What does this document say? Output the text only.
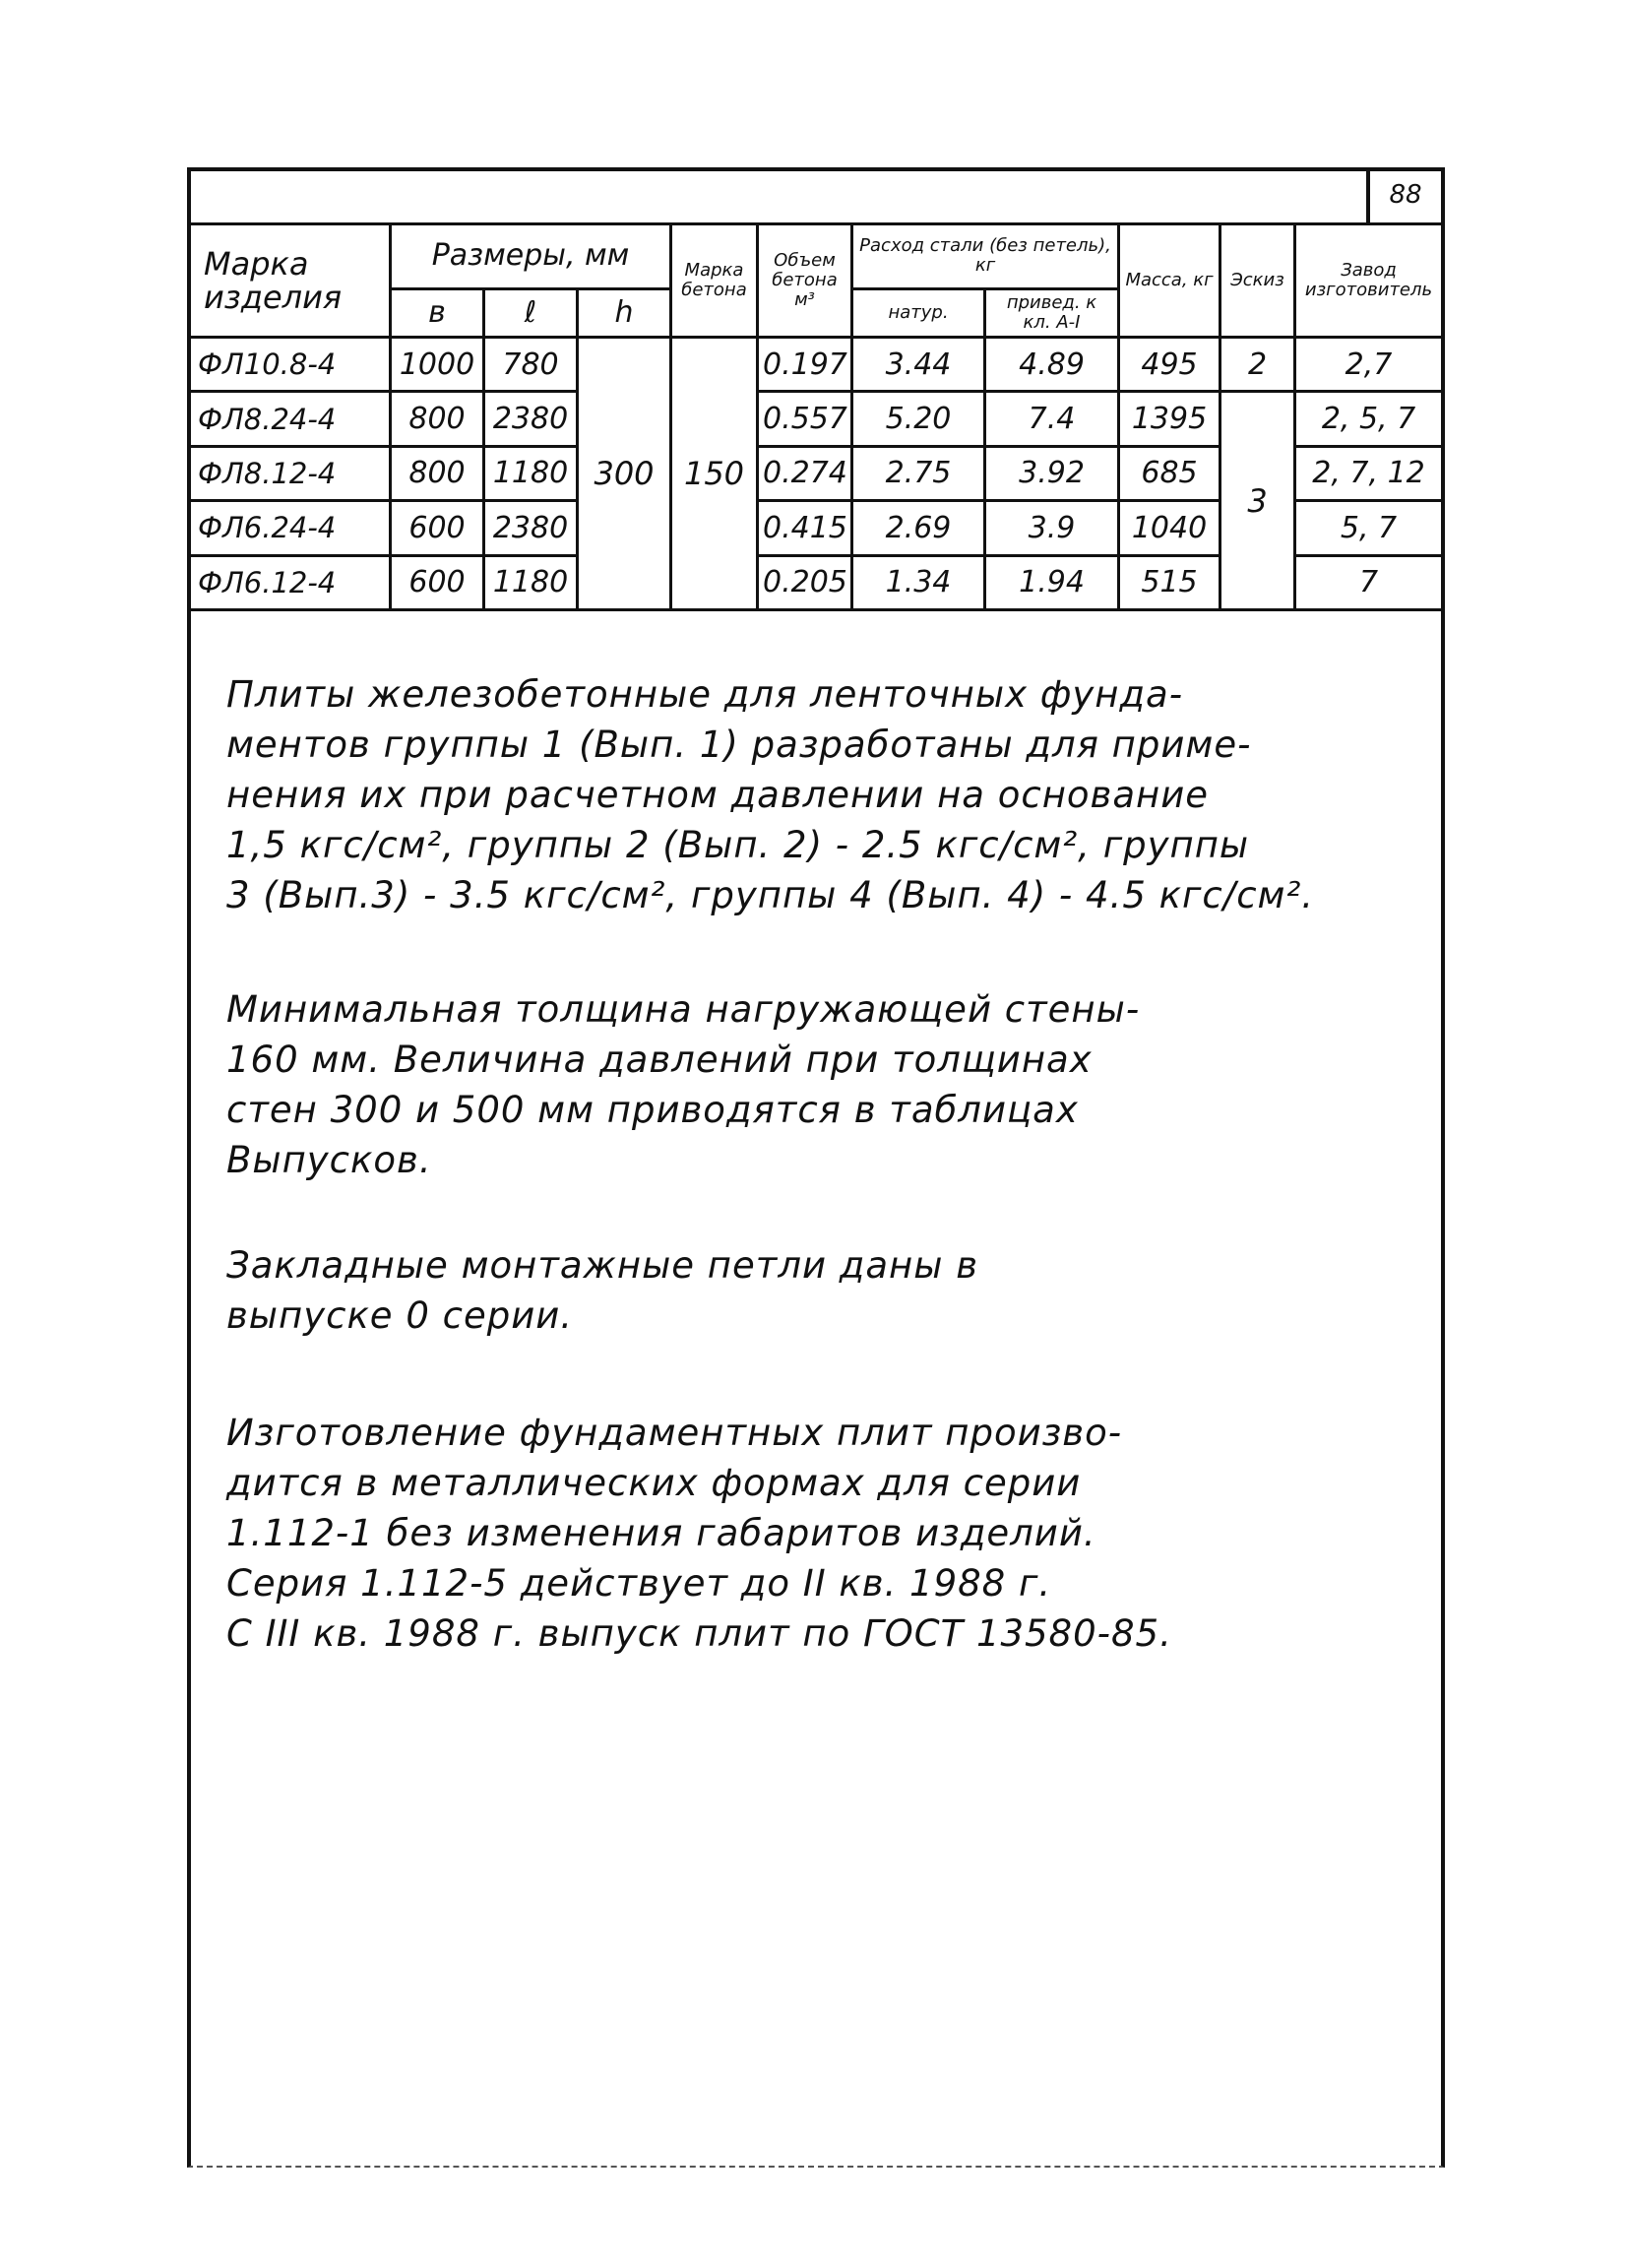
88
Марка изделия	Размеры, мм			Марка бетона	Объем бетона м³	Расход стали (без петель), кг		Масса, кг	Эскиз	Завод изготовитель
	в	ℓ	h			натур.	привед. к кл. А-I			
ФЛ10.8-4	1000	780	300	150	0.197	3.44	4.89	495	2	2,7
ФЛ8.24-4	800	2380			0.557	5.20	7.4	1395	3	2, 5, 7
ФЛ8.12-4	800	1180			0.274	2.75	3.92	685		2, 7, 12
ФЛ6.24-4	600	2380			0.415	2.69	3.9	1040		5, 7
ФЛ6.12-4	600	1180			0.205	1.34	1.94	515		7

Плиты железобетонные для ленточных фунда-

ментов группы 1 (Вып. 1) разработаны для приме-

нения их при расчетном давлении на основание

1,5 кгс/см², группы 2 (Вып. 2) - 2.5 кгс/см², группы

3 (Вып.3) - 3.5 кгс/см², группы 4 (Вып. 4) - 4.5 кгс/см².

Минимальная толщина нагружающей стены-

160 мм. Величина давлений при толщинах

стен 300 и 500 мм приводятся в таблицах

Выпусков.

Закладные монтажные петли даны в

выпуске 0 серии.

Изготовление фундаментных плит произво-

дится в металлических формах для серии

1.112-1 без изменения габаритов изделий.

Серия 1.112-5 действует до II кв. 1988 г.

С III кв. 1988 г. выпуск плит по ГОСТ 13580-85.
